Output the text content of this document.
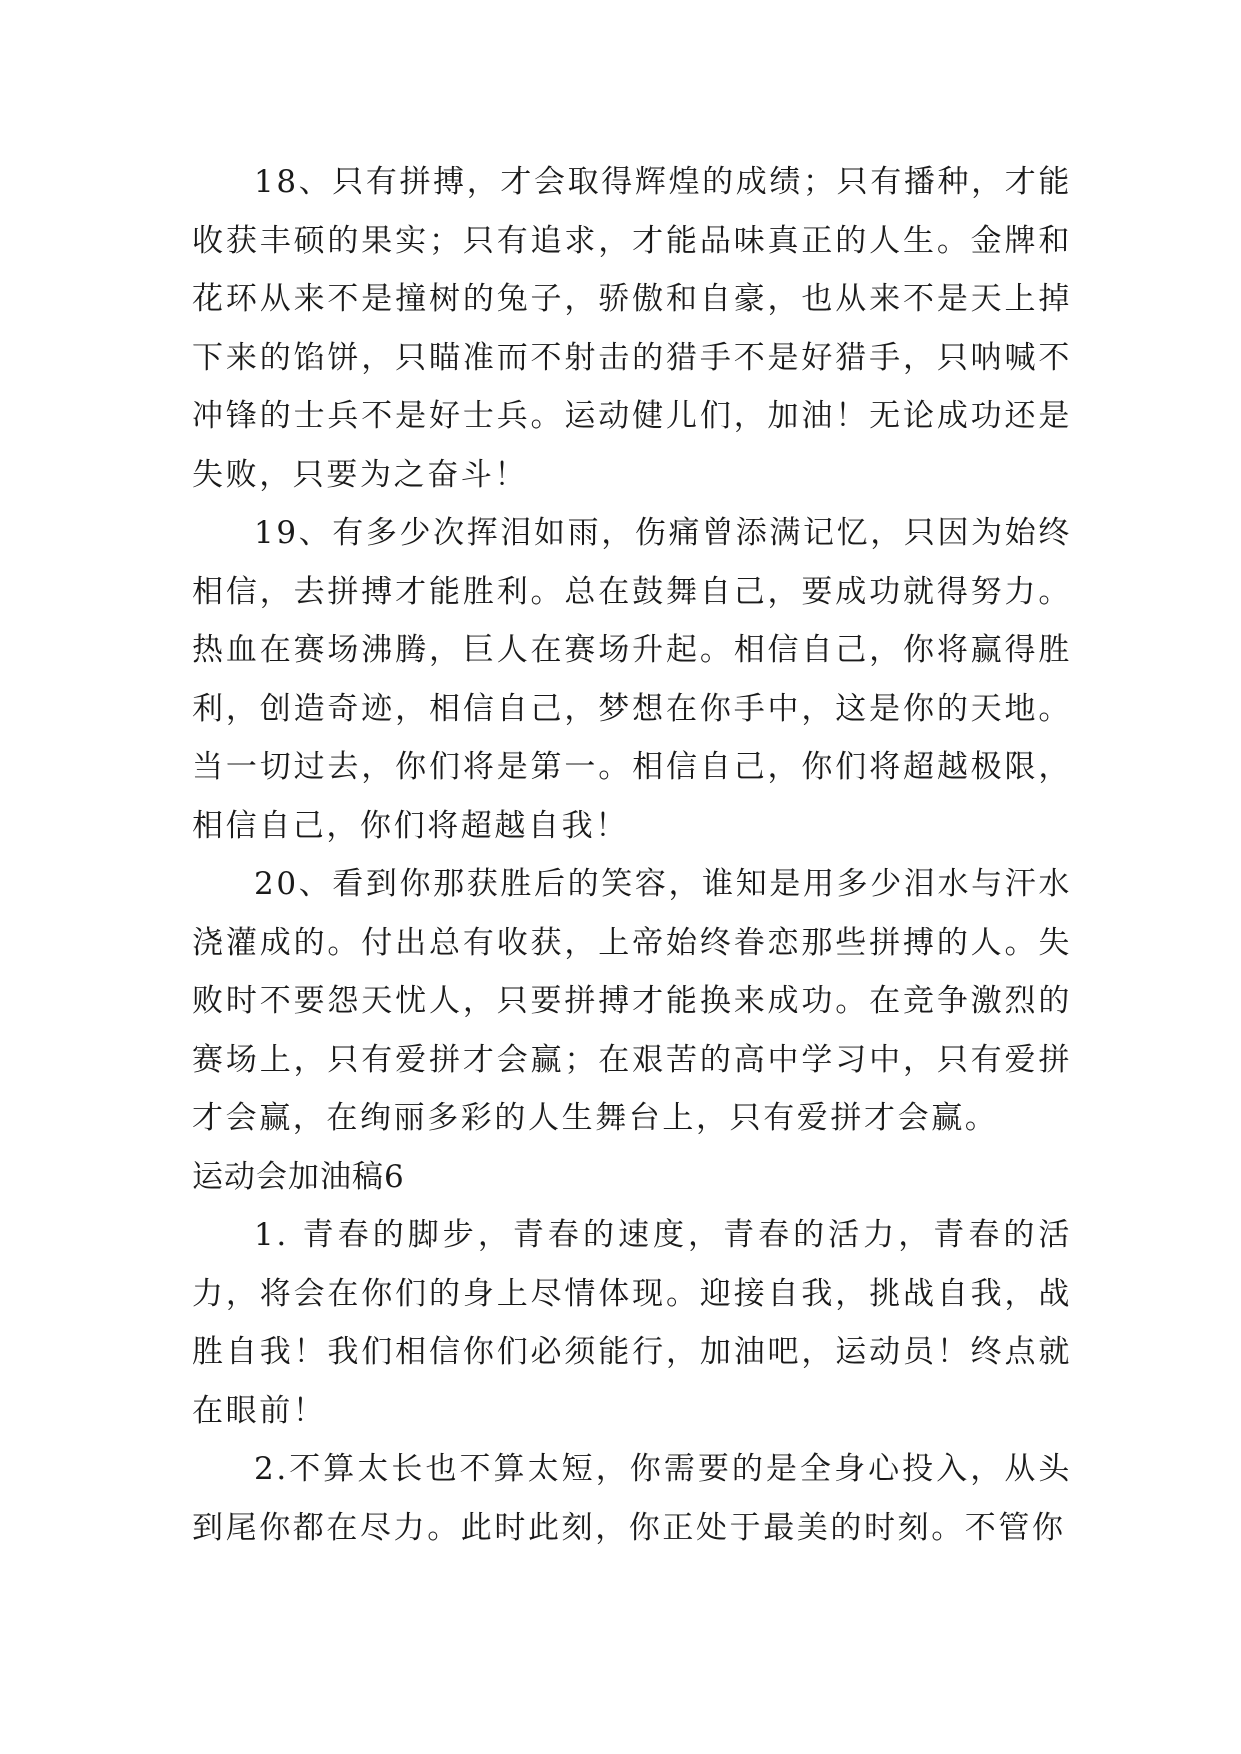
18、只有拼搏，才会取得辉煌的成绩；只有播种，才能收获丰硕的果实；只有追求，才能品味真正的人生。金牌和花环从来不是撞树的兔子，骄傲和自豪，也从来不是天上掉下来的馅饼，只瞄准而不射击的猎手不是好猎手，只呐喊不冲锋的士兵不是好士兵。运动健儿们，加油！无论成功还是失败，只要为之奋斗！

19、有多少次挥泪如雨，伤痛曾添满记忆，只因为始终相信，去拼搏才能胜利。总在鼓舞自己，要成功就得努力。热血在赛场沸腾，巨人在赛场升起。相信自己，你将赢得胜利，创造奇迹，相信自己，梦想在你手中，这是你的天地。当一切过去，你们将是第一。相信自己，你们将超越极限，相信自己，你们将超越自我！

20、看到你那获胜后的笑容，谁知是用多少泪水与汗水浇灌成的。付出总有收获，上帝始终眷恋那些拼搏的人。失败时不要怨天忧人，只要拼搏才能换来成功。在竞争激烈的赛场上，只有爱拼才会赢；在艰苦的高中学习中，只有爱拼才会赢，在绚丽多彩的人生舞台上，只有爱拼才会赢。

运动会加油稿6

1. 青春的脚步，青春的速度，青春的活力，青春的活力，将会在你们的身上尽情体现。迎接自我，挑战自我，战胜自我！我们相信你们必须能行，加油吧，运动员！终点就在眼前！

2.不算太长也不算太短，你需要的是全身心投入，从头到尾你都在尽力。此时此刻，你正处于最美的时刻。不管你
